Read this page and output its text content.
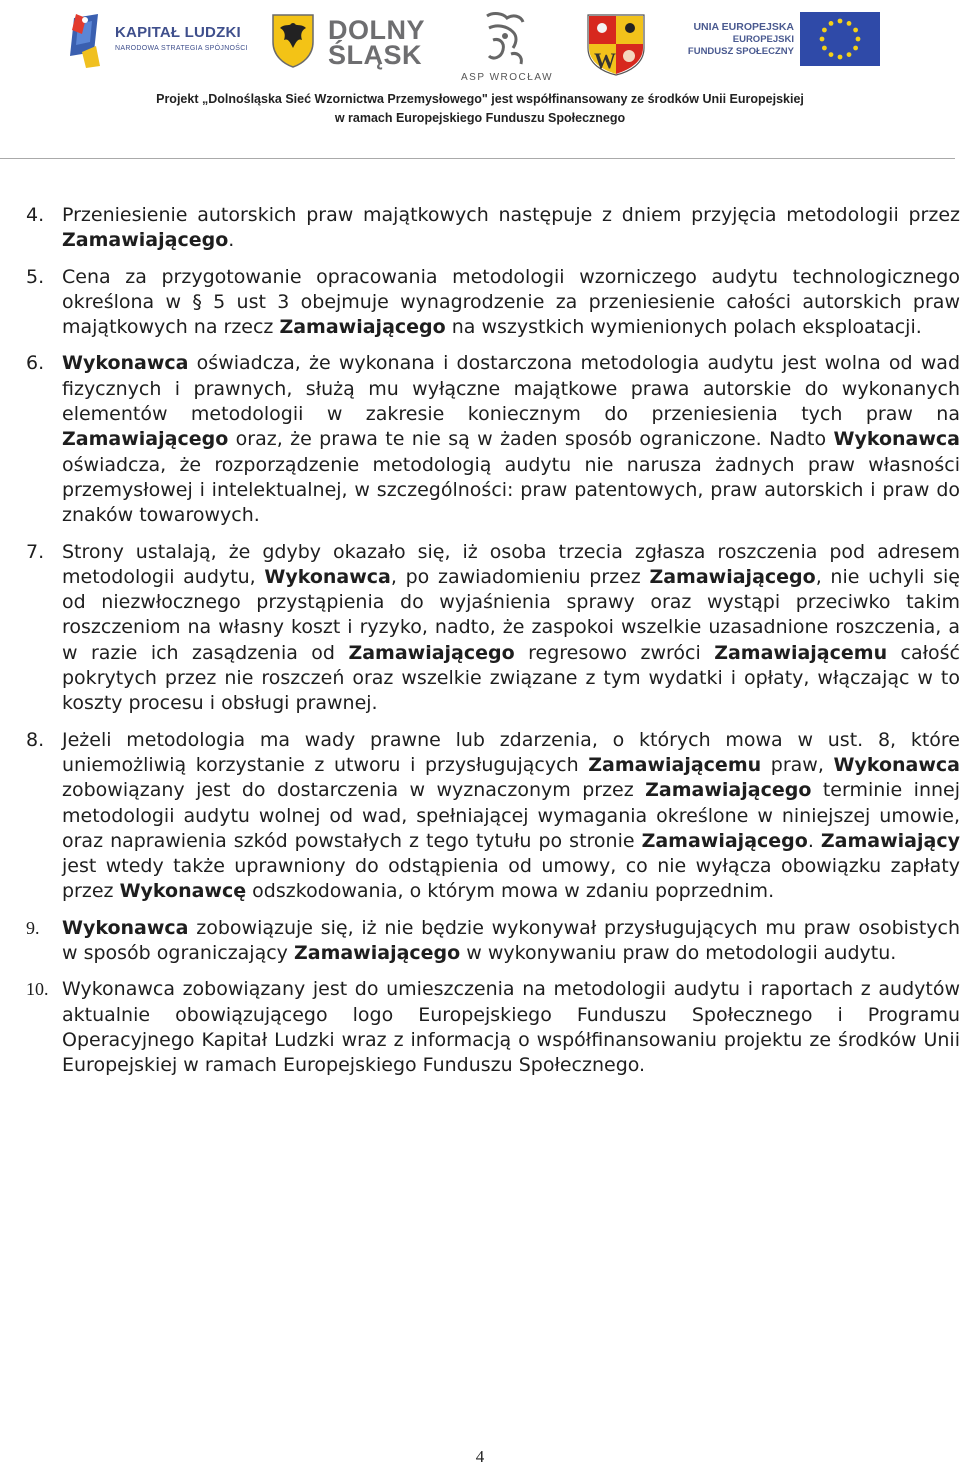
KAPITAŁ LUDZKI
NARODOWA STRATEGIA SPÓJNOŚCI
DOLNY
ŚLĄSK
ASP WROCŁAW
W
UNIA EUROPEJSKA
EUROPEJSKI
FUNDUSZ SPOŁECZNY
Projekt „Dolnośląska Sieć Wzornictwa Przemysłowego" jest współfinansowany ze środków Unii Europejskiej
w ramach Europejskiego Funduszu Społecznego
4. Przeniesienie autorskich praw majątkowych następuje z dniem przyjęcia metodologii przez Zamawiającego.
5. Cena za przygotowanie opracowania metodologii wzorniczego audytu technologicznego określona w § 5 ust 3 obejmuje wynagrodzenie za przeniesienie całości autorskich praw majątkowych na rzecz Zamawiającego na wszystkich wymienionych polach eksploatacji.
6. Wykonawca oświadcza, że wykonana i dostarczona metodologia audytu jest wolna od wad fizycznych i prawnych, służą mu wyłączne majątkowe prawa autorskie do wykonanych elementów metodologii w zakresie koniecznym do przeniesienia tych praw na Zamawiającego oraz, że prawa te nie są w żaden sposób ograniczone. Nadto Wykonawca oświadcza, że rozporządzenie metodologią audytu nie narusza żadnych praw własności przemysłowej i intelektualnej, w szczególności: praw patentowych, praw autorskich i praw do znaków towarowych.
7. Strony ustalają, że gdyby okazało się, iż osoba trzecia zgłasza roszczenia pod adresem metodologii audytu, Wykonawca, po zawiadomieniu przez Zamawiającego, nie uchyli się od niezwłocznego przystąpienia do wyjaśnienia sprawy oraz wystąpi przeciwko takim roszczeniom na własny koszt i ryzyko, nadto, że zaspokoi wszelkie uzasadnione roszczenia, a w razie ich zasądzenia od Zamawiającego regresowo zwróci Zamawiającemu całość pokrytych przez nie roszczeń oraz wszelkie związane z tym wydatki i opłaty, włączając w to koszty procesu i obsługi prawnej.
8. Jeżeli metodologia ma wady prawne lub zdarzenia, o których mowa w ust. 8, które uniemożliwią korzystanie z utworu i przysługujących Zamawiającemu praw, Wykonawca zobowiązany jest do dostarczenia w wyznaczonym przez Zamawiającego terminie innej metodologii audytu wolnej od wad, spełniającej wymagania określone w niniejszej umowie, oraz naprawienia szkód powstałych z tego tytułu po stronie Zamawiającego. Zamawiający jest wtedy także uprawniony do odstąpienia od umowy, co nie wyłącza obowiązku zapłaty przez Wykonawcę odszkodowania, o którym mowa w zdaniu poprzednim.
9.	Wykonawca zobowiązuje się, iż nie będzie wykonywał przysługujących mu praw osobistych w sposób ograniczający Zamawiającego w wykonywaniu praw do metodologii audytu.
10. Wykonawca zobowiązany jest do umieszczenia na metodologii audytu i raportach z audytów aktualnie obowiązującego logo Europejskiego Funduszu Społecznego i Programu Operacyjnego Kapitał Ludzki wraz z informacją o współfinansowaniu projektu ze środków Unii Europejskiej w ramach Europejskiego Funduszu Społecznego.
4
